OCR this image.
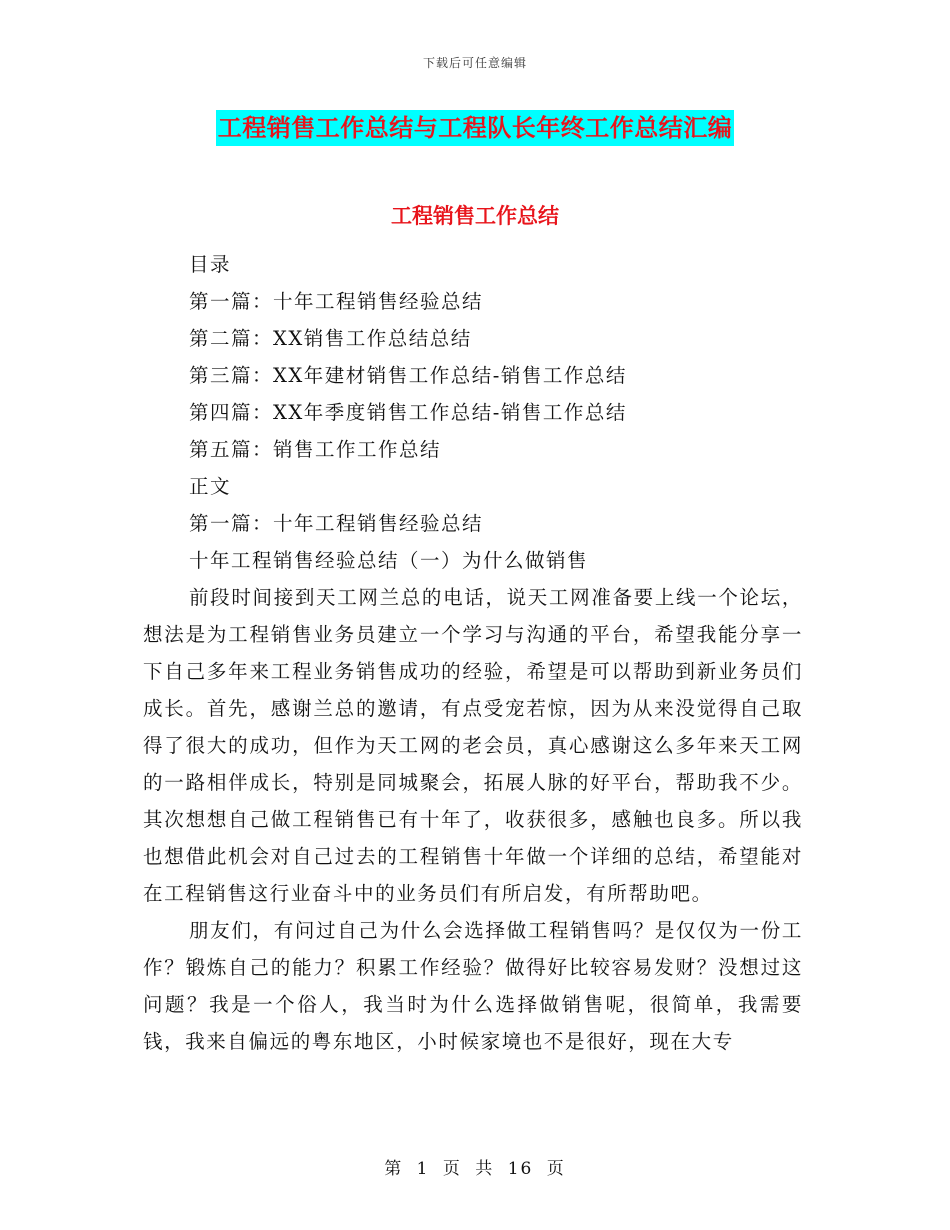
下载后可任意编辑
工程销售工作总结与工程队长年终工作总结汇编
工程销售工作总结

目录

第一篇：十年工程销售经验总结

第二篇：XX销售工作总结总结

第三篇：XX年建材销售工作总结-销售工作总结

第四篇：XX年季度销售工作总结-销售工作总结

第五篇：销售工作工作总结

正文

第一篇：十年工程销售经验总结

十年工程销售经验总结（一）为什么做销售

前段时间接到天工网兰总的电话，说天工网准备要上线一个论坛，想法是为工程销售业务员建立一个学习与沟通的平台，希望我能分享一下自己多年来工程业务销售成功的经验，希望是可以帮助到新业务员们成长。首先，感谢兰总的邀请，有点受宠若惊，因为从来没觉得自己取得了很大的成功，但作为天工网的老会员，真心感谢这么多年来天工网的一路相伴成长，特别是同城聚会，拓展人脉的好平台，帮助我不少。其次想想自己做工程销售已有十年了，收获很多，感触也良多。所以我也想借此机会对自己过去的工程销售十年做一个详细的总结，希望能对在工程销售这行业奋斗中的业务员们有所启发，有所帮助吧。

朋友们，有问过自己为什么会选择做工程销售吗？是仅仅为一份工作？锻炼自己的能力？积累工作经验？做得好比较容易发财？没想过这问题？我是一个俗人，我当时为什么选择做销售呢，很简单，我需要钱，我来自偏远的粤东地区，小时候家境也不是很好，现在大专

第 1 页 共 16 页
